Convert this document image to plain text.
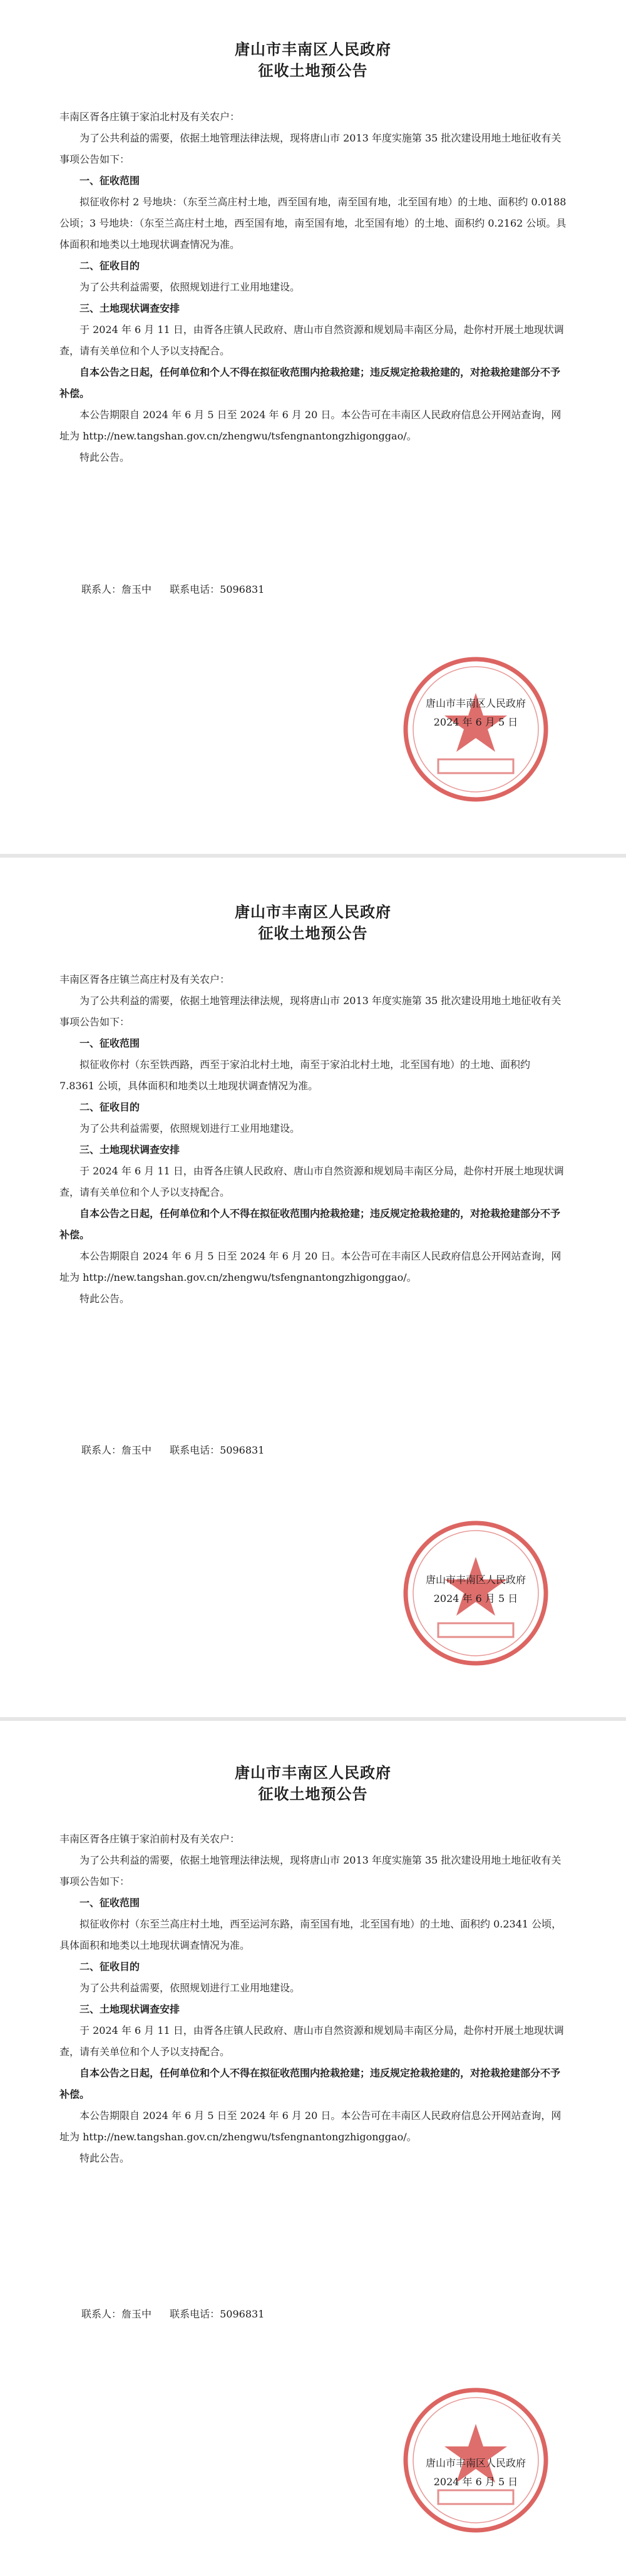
唐山市丰南区人民政府
征收土地预公告

丰南区胥各庄镇于家泊北村及有关农户：

为了公共利益的需要，依据土地管理法律法规，现将唐山市 2013 年度实施第 35 批次建设用地土地征收有关事项公告如下：

一、征收范围

拟征收你村 2 号地块：（东至兰高庄村土地，西至国有地，南至国有地，北至国有地）的土地、面积约 0.0188 公顷；3 号地块：（东至兰高庄村土地，西至国有地，南至国有地，北至国有地）的土地、面积约 0.2162 公顷。具体面积和地类以土地现状调查情况为准。

二、征收目的

为了公共利益需要，依照规划进行工业用地建设。

三、土地现状调查安排

于 2024 年 6 月 11 日，由胥各庄镇人民政府、唐山市自然资源和规划局丰南区分局，赴你村开展土地现状调查，请有关单位和个人予以支持配合。

自本公告之日起，任何单位和个人不得在拟征收范围内抢栽抢建；违反规定抢栽抢建的，对抢栽抢建部分不予补偿。

本公告期限自 2024 年 6 月 5 日至 2024 年 6 月 20 日。本公告可在丰南区人民政府信息公开网站查询，网址为 http://new.tangshan.gov.cn/zhengwu/tsfengnantongzhigonggao/。

特此公告。

联系人：詹玉中 联系电话：5096831
唐山市丰南区人民政府
2024 年 6 月 5 日
唐山市丰南区人民政府
征收土地预公告

丰南区胥各庄镇兰高庄村及有关农户：

为了公共利益的需要，依据土地管理法律法规，现将唐山市 2013 年度实施第 35 批次建设用地土地征收有关事项公告如下：

一、征收范围

拟征收你村（东至铁西路，西至于家泊北村土地，南至于家泊北村土地，北至国有地）的土地、面积约 7.8361 公顷，具体面积和地类以土地现状调查情况为准。

二、征收目的

为了公共利益需要，依照规划进行工业用地建设。

三、土地现状调查安排

于 2024 年 6 月 11 日，由胥各庄镇人民政府、唐山市自然资源和规划局丰南区分局，赴你村开展土地现状调查，请有关单位和个人予以支持配合。

自本公告之日起，任何单位和个人不得在拟征收范围内抢栽抢建；违反规定抢栽抢建的，对抢栽抢建部分不予补偿。

本公告期限自 2024 年 6 月 5 日至 2024 年 6 月 20 日。本公告可在丰南区人民政府信息公开网站查询，网址为 http://new.tangshan.gov.cn/zhengwu/tsfengnantongzhigonggao/。

特此公告。

联系人：詹玉中 联系电话：5096831
唐山市丰南区人民政府
2024 年 6 月 5 日
唐山市丰南区人民政府
征收土地预公告

丰南区胥各庄镇于家泊前村及有关农户：

为了公共利益的需要，依据土地管理法律法规，现将唐山市 2013 年度实施第 35 批次建设用地土地征收有关事项公告如下：

一、征收范围

拟征收你村（东至兰高庄村土地，西至运河东路，南至国有地，北至国有地）的土地、面积约 0.2341 公顷，具体面积和地类以土地现状调查情况为准。

二、征收目的

为了公共利益需要，依照规划进行工业用地建设。

三、土地现状调查安排

于 2024 年 6 月 11 日，由胥各庄镇人民政府、唐山市自然资源和规划局丰南区分局，赴你村开展土地现状调查，请有关单位和个人予以支持配合。

自本公告之日起，任何单位和个人不得在拟征收范围内抢栽抢建；违反规定抢栽抢建的，对抢栽抢建部分不予补偿。

本公告期限自 2024 年 6 月 5 日至 2024 年 6 月 20 日。本公告可在丰南区人民政府信息公开网站查询，网址为 http://new.tangshan.gov.cn/zhengwu/tsfengnantongzhigonggao/。

特此公告。

联系人：詹玉中 联系电话：5096831
唐山市丰南区人民政府
2024 年 6 月 5 日
